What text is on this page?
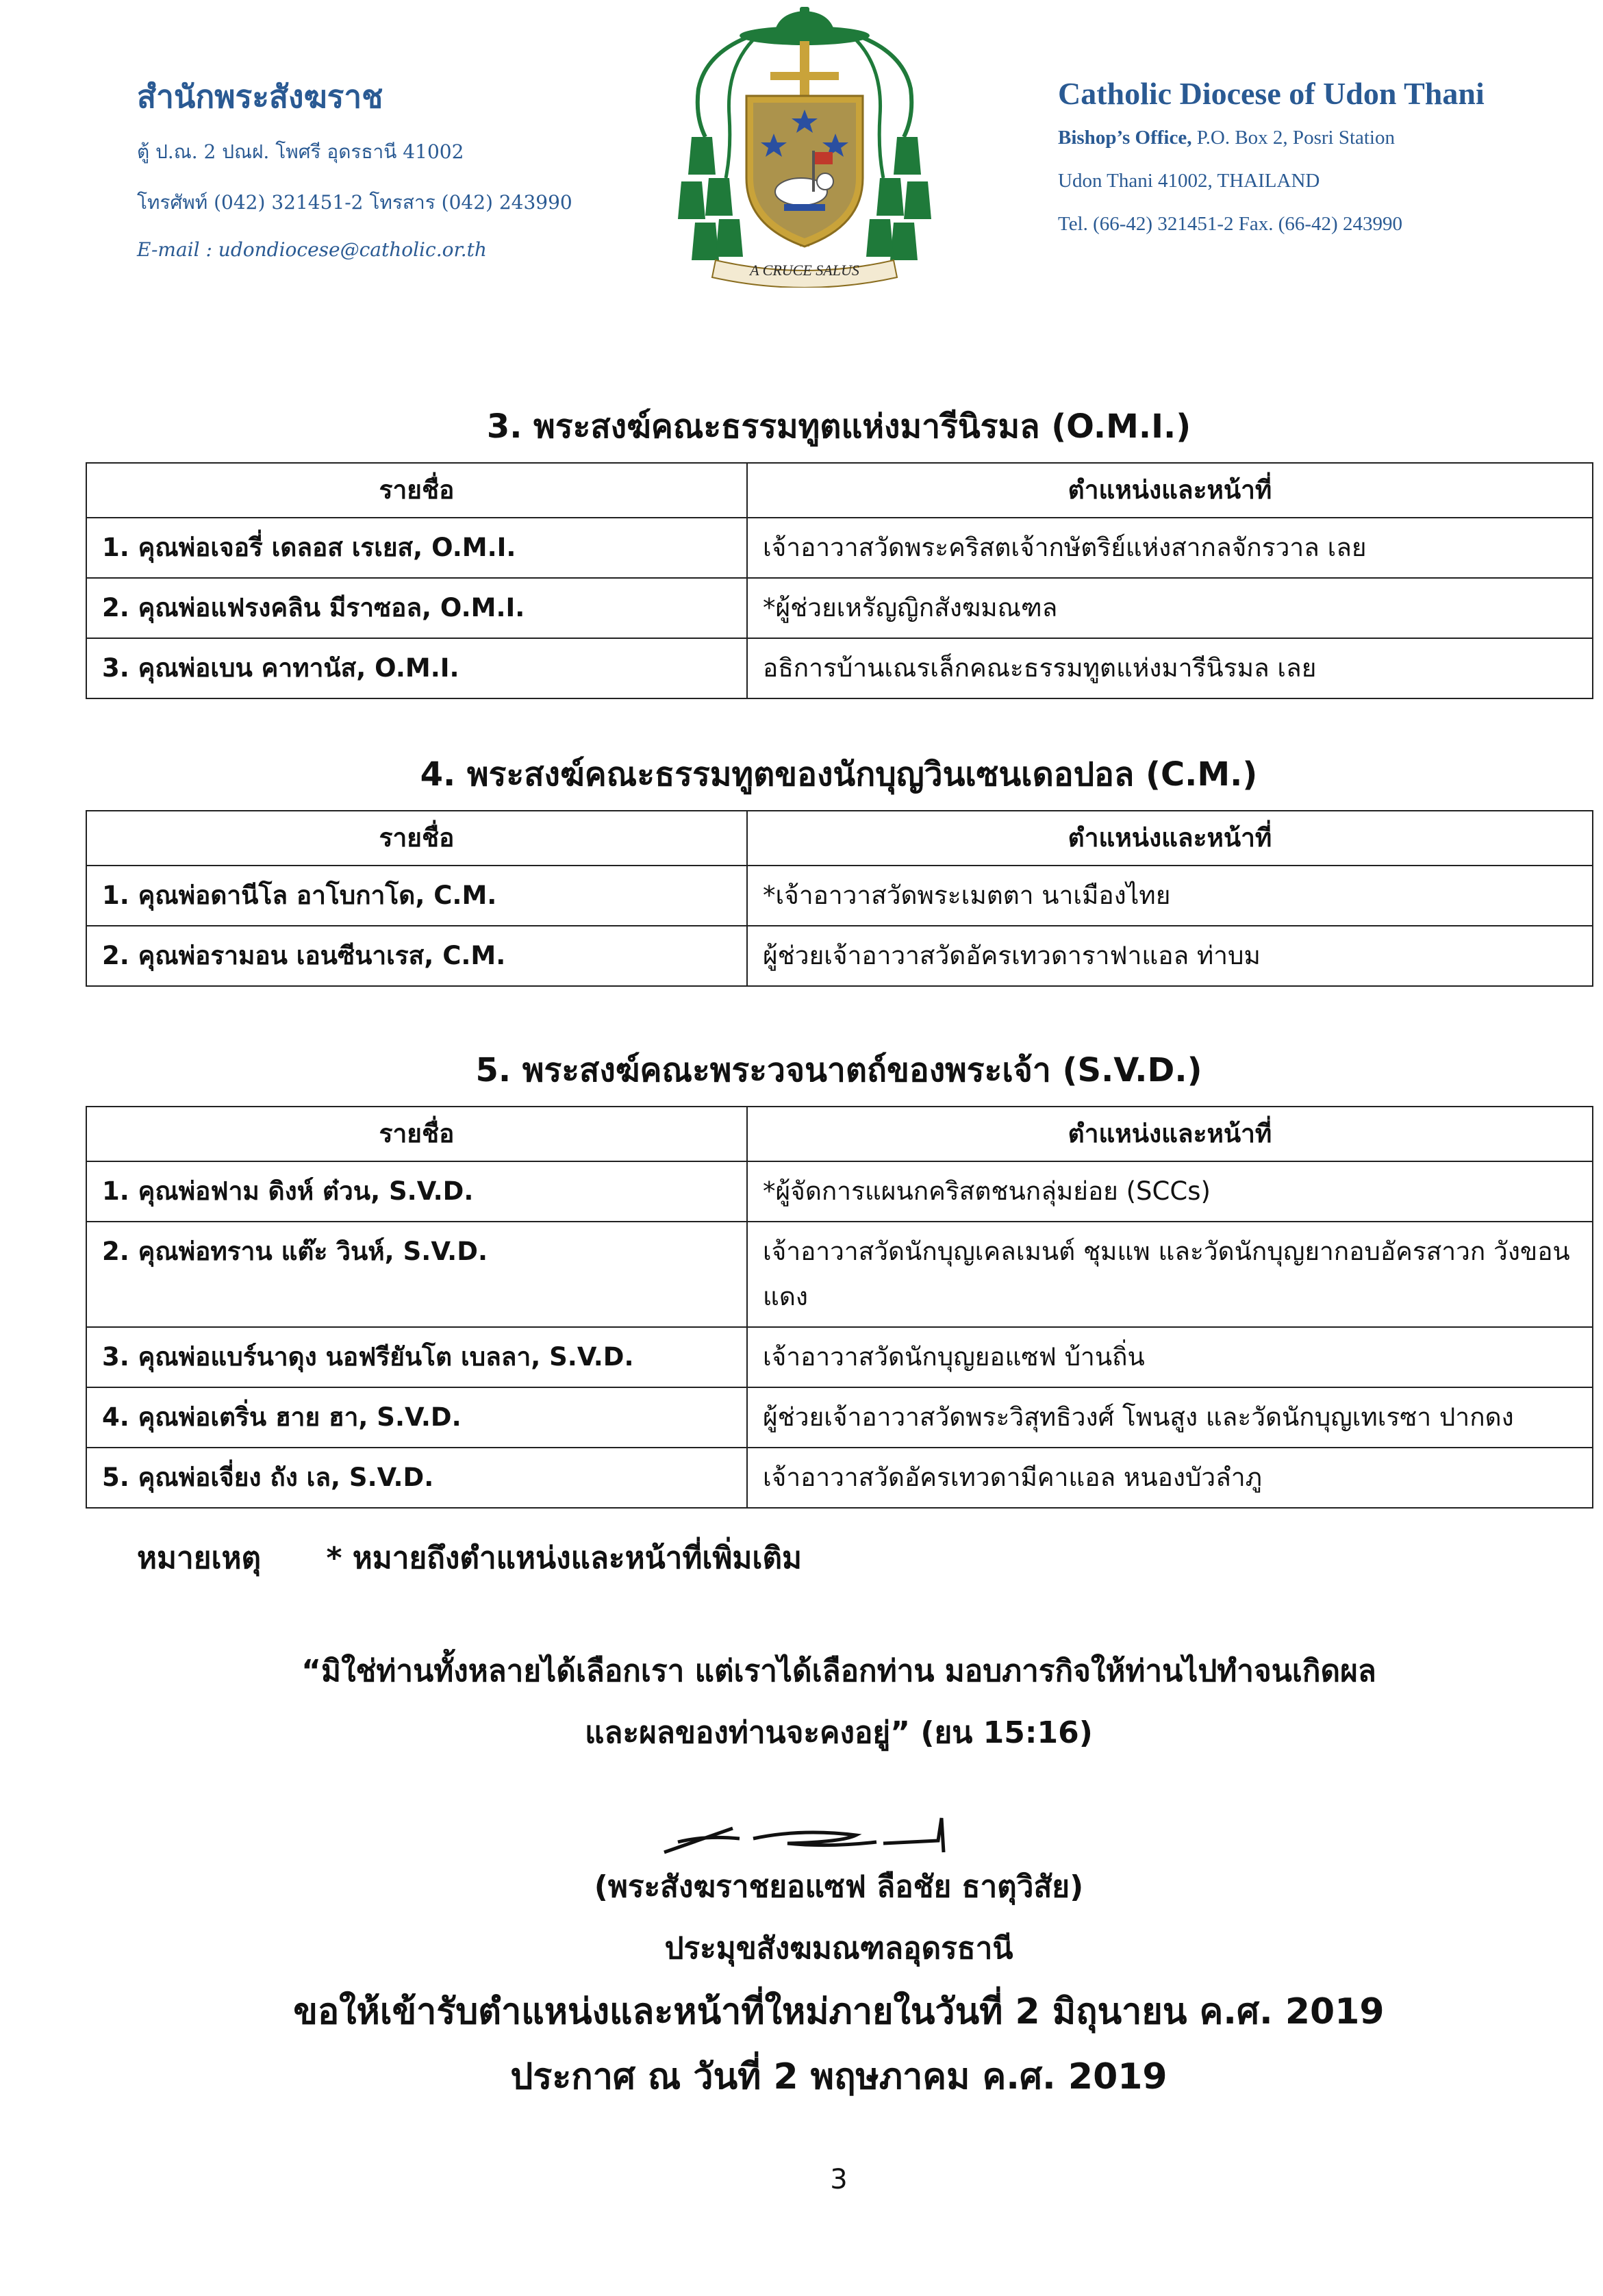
สำนักพระสังฆราช
ตู้ ป.ณ. 2 ปณฝ. โพศรี อุดรธานี 41002
โทรศัพท์ (042) 321451-2 โทรสาร (042) 243990
E-mail : udondiocese@catholic.or.th
A CRUCE SALUS
Catholic Diocese of Udon Thani
Bishop’s Office, P.O. Box 2, Posri Station
Udon Thani 41002, THAILAND
Tel. (66-42) 321451-2 Fax. (66-42) 243990
3. พระสงฆ์คณะธรรมทูตแห่งมารีนิรมล (O.M.I.)
รายชื่อ	ตำแหน่งและหน้าที่
1. คุณพ่อเจอรี่ เดลอส เรเยส, O.M.I.	เจ้าอาวาสวัดพระคริสตเจ้ากษัตริย์แห่งสากลจักรวาล เลย
2. คุณพ่อแฟรงคลิน มีราซอล, O.M.I.	*ผู้ช่วยเหรัญญิกสังฆมณฑล
3. คุณพ่อเบน คาทานัส, O.M.I.	อธิการบ้านเณรเล็กคณะธรรมทูตแห่งมารีนิรมล เลย
4. พระสงฆ์คณะธรรมทูตของนักบุญวินเซนเดอปอล (C.M.)
รายชื่อ	ตำแหน่งและหน้าที่
1. คุณพ่อดานีโล อาโบกาโด, C.M.	*เจ้าอาวาสวัดพระเมตตา นาเมืองไทย
2. คุณพ่อรามอน เอนซีนาเรส, C.M.	ผู้ช่วยเจ้าอาวาสวัดอัครเทวดาราฟาแอล ท่าบม
5. พระสงฆ์คณะพระวจนาตถ์ของพระเจ้า (S.V.D.)
รายชื่อ	ตำแหน่งและหน้าที่
1. คุณพ่อฟาม ดิงห์ ต๋วน, S.V.D.	*ผู้จัดการแผนกคริสตชนกลุ่มย่อย (SCCs)
2. คุณพ่อทราน แต๊ะ วินห์, S.V.D.	เจ้าอาวาสวัดนักบุญเคลเมนต์ ชุมแพ และวัดนักบุญยากอบอัครสาวก วังขอนแดง
3. คุณพ่อแบร์นาดุง นอฟรียันโต เบลลา, S.V.D.	เจ้าอาวาสวัดนักบุญยอแซฟ บ้านถิ่น
4. คุณพ่อเตริ่น ฮาย ฮา, S.V.D.	ผู้ช่วยเจ้าอาวาสวัดพระวิสุทธิวงศ์ โพนสูง และวัดนักบุญเทเรซา ปากดง
5. คุณพ่อเจี่ยง ถัง เล, S.V.D.	เจ้าอาวาสวัดอัครเทวดามีคาแอล หนองบัวลำภู
หมายเหตุ * หมายถึงตำแหน่งและหน้าที่เพิ่มเติม
“มิใช่ท่านทั้งหลายได้เลือกเรา แต่เราได้เลือกท่าน มอบภารกิจให้ท่านไปทำจนเกิดผล
และผลของท่านจะคงอยู่” (ยน 15:16)
(พระสังฆราชยอแซฟ ลือชัย ธาตุวิสัย)
ประมุขสังฆมณฑลอุดรธานี
ขอให้เข้ารับตำแหน่งและหน้าที่ใหม่ภายในวันที่ 2 มิถุนายน ค.ศ. 2019
ประกาศ ณ วันที่ 2 พฤษภาคม ค.ศ. 2019
3
